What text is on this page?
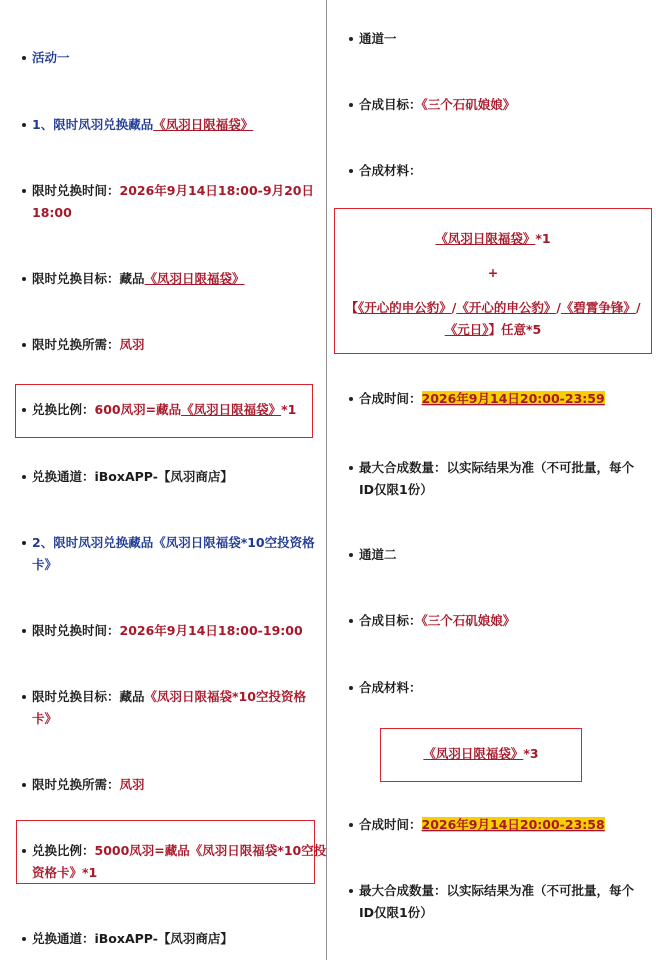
活动一
1、限时凤羽兑换藏品《凤羽日限福袋》
限时兑换时间：2026年9月14日18:00-9月20日
18:00
限时兑换目标：藏品《凤羽日限福袋》
限时兑换所需：凤羽
兑换比例：600凤羽=藏品《凤羽日限福袋》*1
兑换通道：iBoxAPP-【凤羽商店】
2、限时凤羽兑换藏品《凤羽日限福袋*10空投资格
卡》
限时兑换时间：2026年9月14日18:00-19:00
限时兑换目标：藏品《凤羽日限福袋*10空投资格
卡》
限时兑换所需：凤羽
兑换比例：5000凤羽=藏品《凤羽日限福袋*10空投
资格卡》*1
兑换通道：iBoxAPP-【凤羽商店】
通道一
合成目标：《三个石矶娘娘》
合成材料：
《凤羽日限福袋》*1
+
【《开心的申公豹》/《开心的申公豹》/《碧霄争锋》/
《元日》】任意*5
合成时间：2026年9月14日20:00-23:59
最大合成数量：以实际结果为准（不可批量，每个
ID仅限1份）
通道二
合成目标：《三个石矶娘娘》
合成材料：
《凤羽日限福袋》*3
合成时间：2026年9月14日20:00-23:58
最大合成数量：以实际结果为准（不可批量，每个
ID仅限1份）
